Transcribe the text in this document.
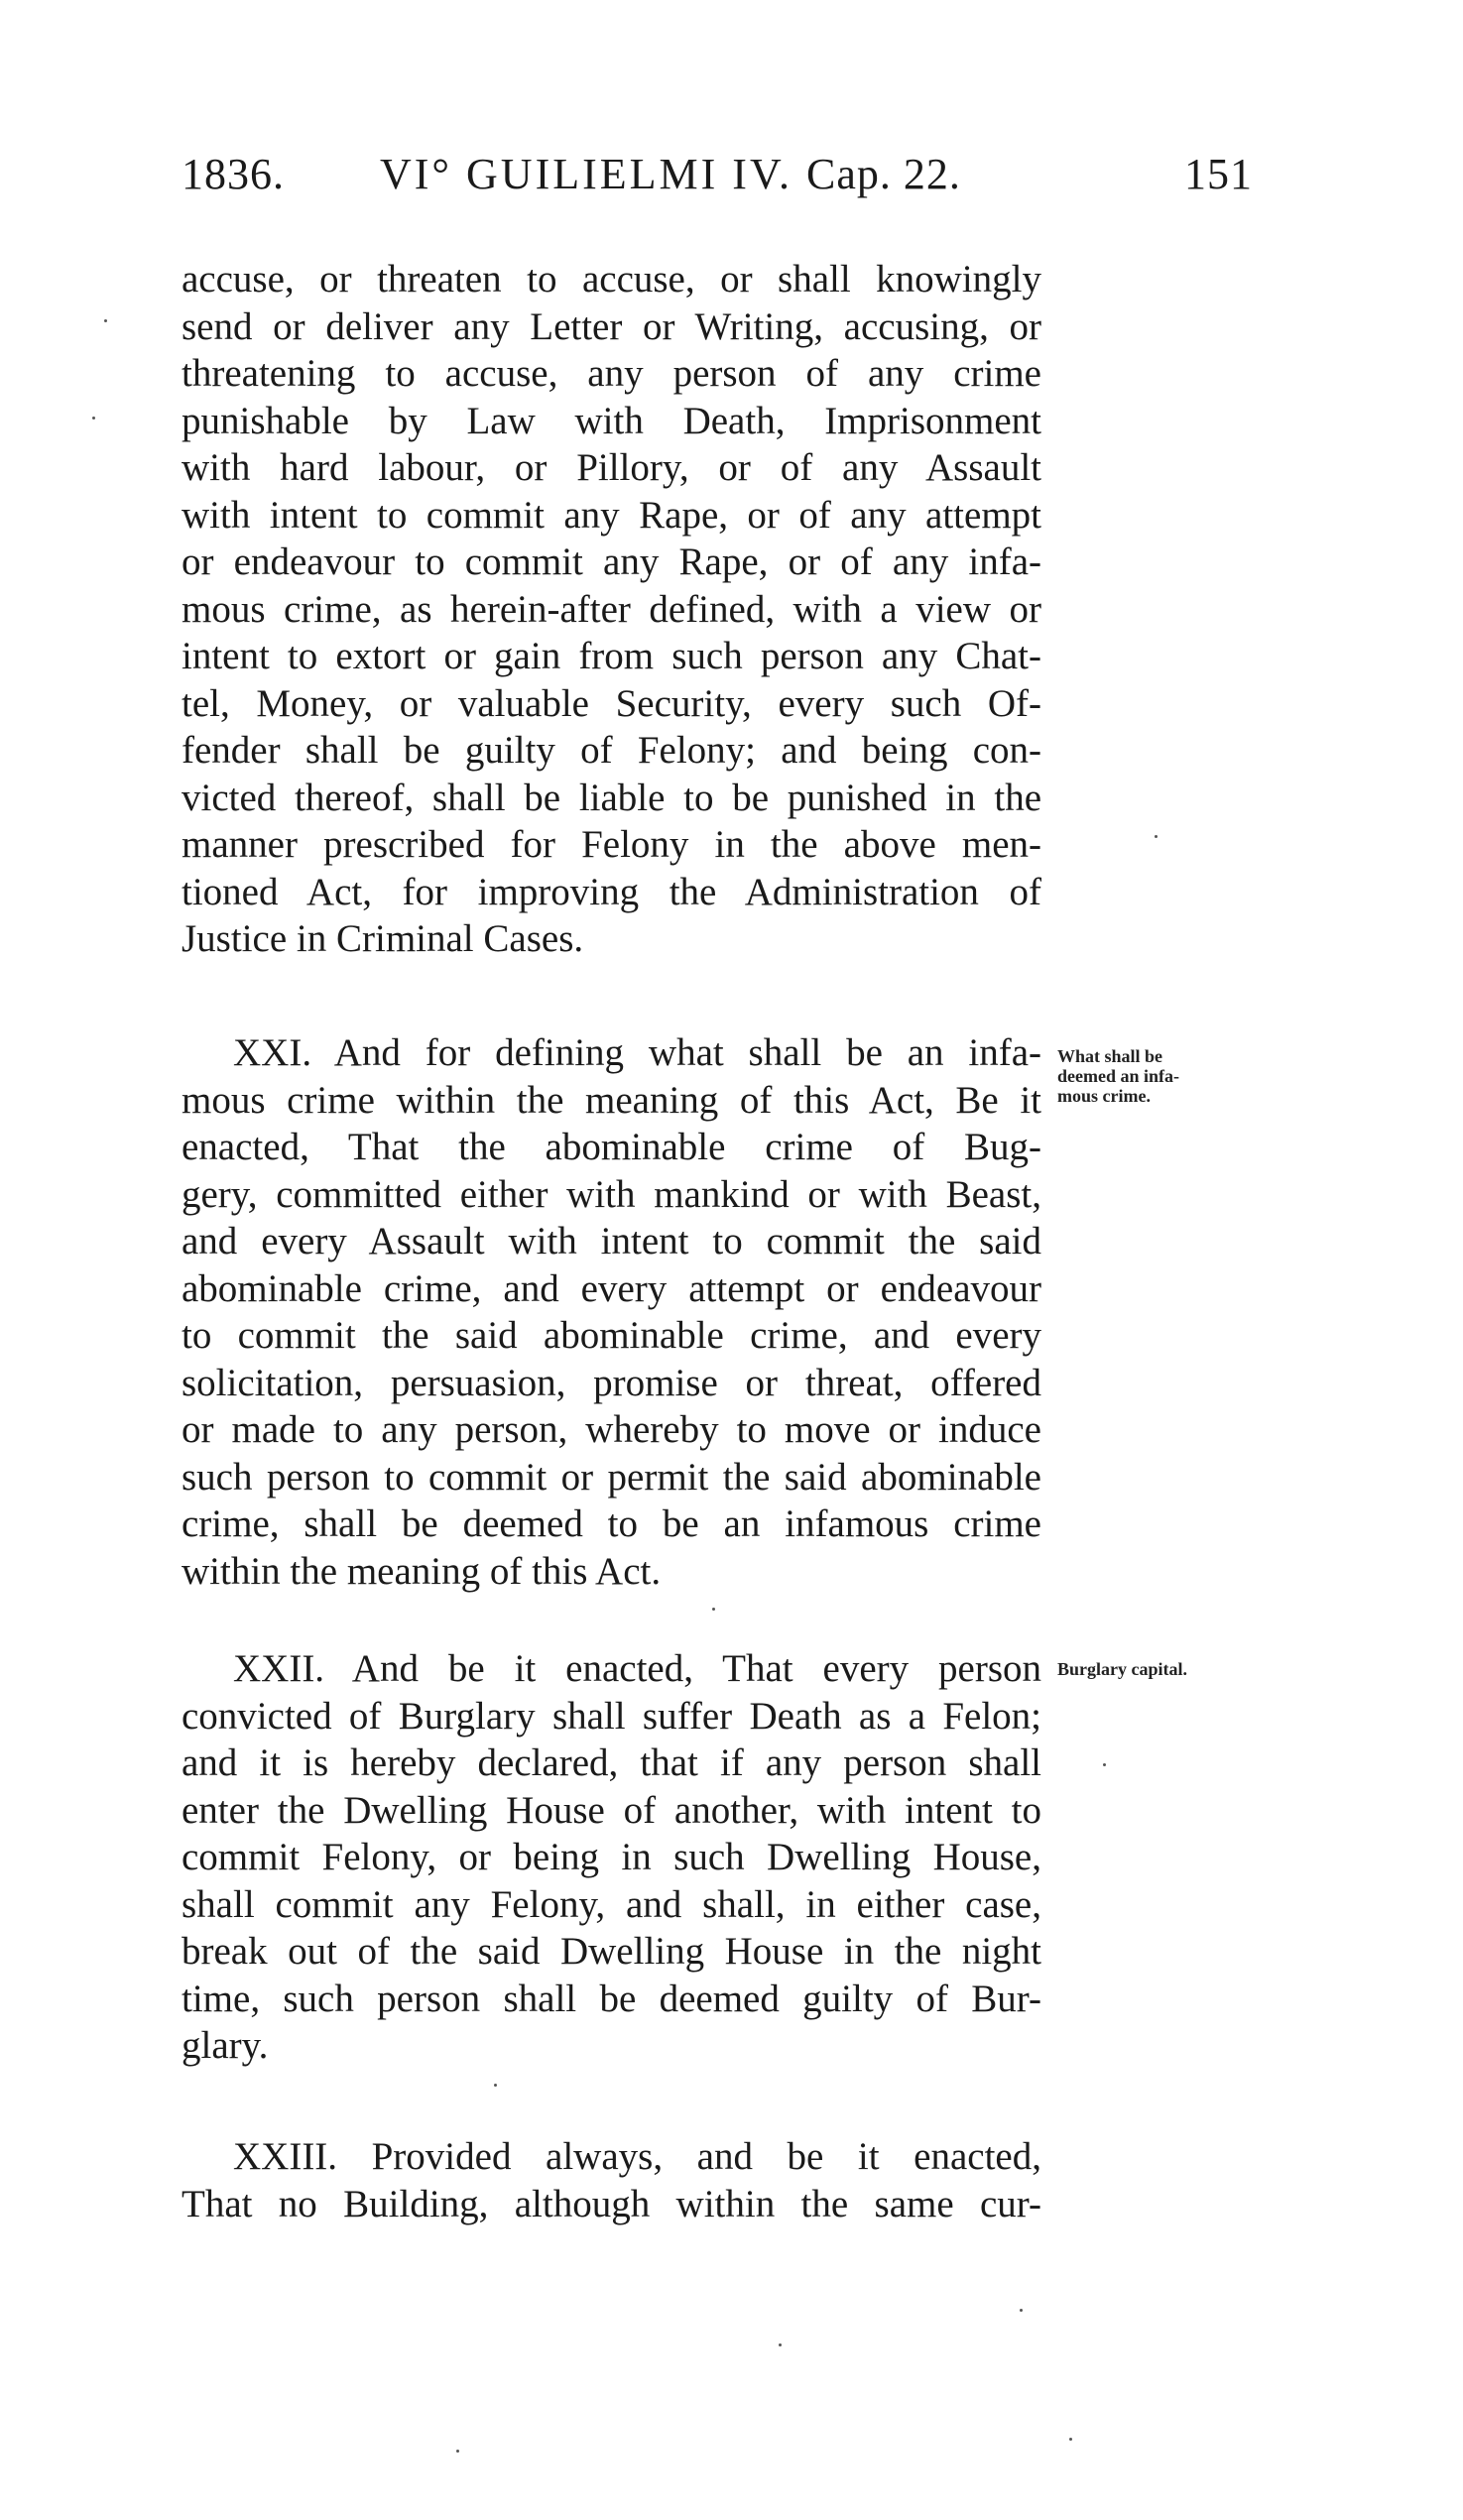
1836. VI° GUILIELMI IV. Cap. 22.	151
accuse, or threaten to accuse, or shall knowingly
send or deliver any Letter or Writing, accusing, or
threatening to accuse, any person of any crime
punishable by Law with Death, Imprisonment
with hard labour, or Pillory, or of any Assault
with intent to commit any Rape, or of any attempt
or endeavour to commit any Rape, or of any infa-
mous crime, as herein-after defined, with a view or
intent to extort or gain from such person any Chat-
tel, Money, or valuable Security, every such Of-
fender shall be guilty of Felony; and being con-
victed thereof, shall be liable to be punished in the
manner prescribed for Felony in the above men-
tioned Act, for improving the Administration of
Justice in Criminal Cases.
XXI. And for defining what shall be an infa-
mous crime within the meaning of this Act, Be it
enacted, That the abominable crime of Bug-
gery, committed either with mankind or with Beast,
and every Assault with intent to commit the said
abominable crime, and every attempt or endeavour
to commit the said abominable crime, and every
solicitation, persuasion, promise or threat, offered
or made to any person, whereby to move or induce
such person to commit or permit the said abominable
crime, shall be deemed to be an infamous crime
within the meaning of this Act.
What shall be
deemed an infa-
mous crime.
XXII. And be it enacted, That every person
convicted of Burglary shall suffer Death as a Felon;
and it is hereby declared, that if any person shall
enter the Dwelling House of another, with intent to
commit Felony, or being in such Dwelling House,
shall commit any Felony, and shall, in either case,
break out of the said Dwelling House in the night
time, such person shall be deemed guilty of Bur-
glary.
Burglary capital.
XXIII. Provided always, and be it enacted,
That no Building, although within the same cur-
